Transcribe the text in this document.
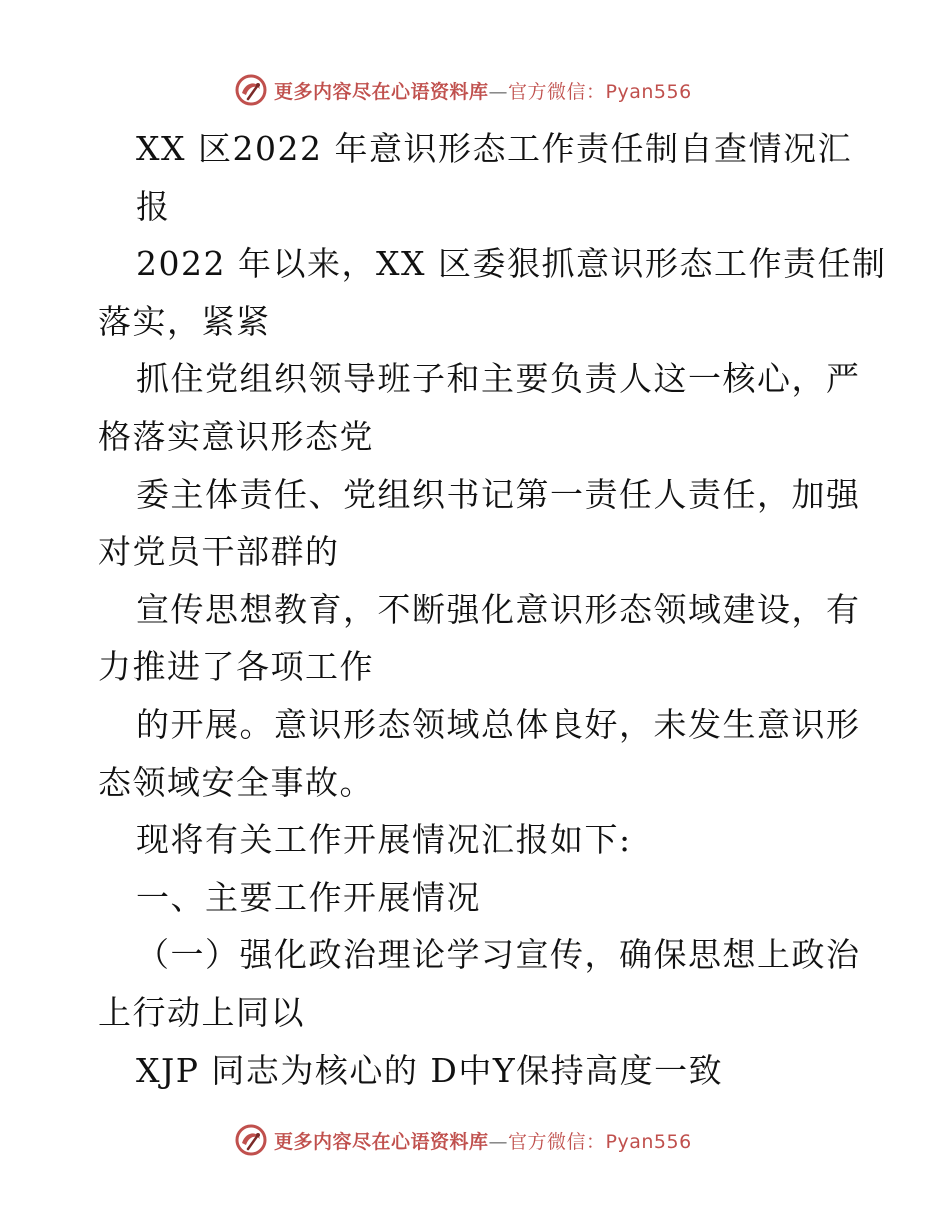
更多内容尽在心语资料库—官方微信：Pyan556
XX 区2022 年意识形态工作责任制自查情况汇
报
2022 年以来，XX 区委狠抓意识形态工作责任制
落实，紧紧
抓住党组织领导班子和主要负责人这一核心，严
格落实意识形态党
委主体责任、党组织书记第一责任人责任，加强
对党员干部群的
宣传思想教育，不断强化意识形态领域建设，有
力推进了各项工作
的开展。意识形态领域总体良好，未发生意识形
态领域安全事故。
现将有关工作开展情况汇报如下:
一、主要工作开展情况
（一）强化政治理论学习宣传，确保思想上政治
上行动上同以
XJP 同志为核心的 D中Y保持高度一致
更多内容尽在心语资料库—官方微信：Pyan556
